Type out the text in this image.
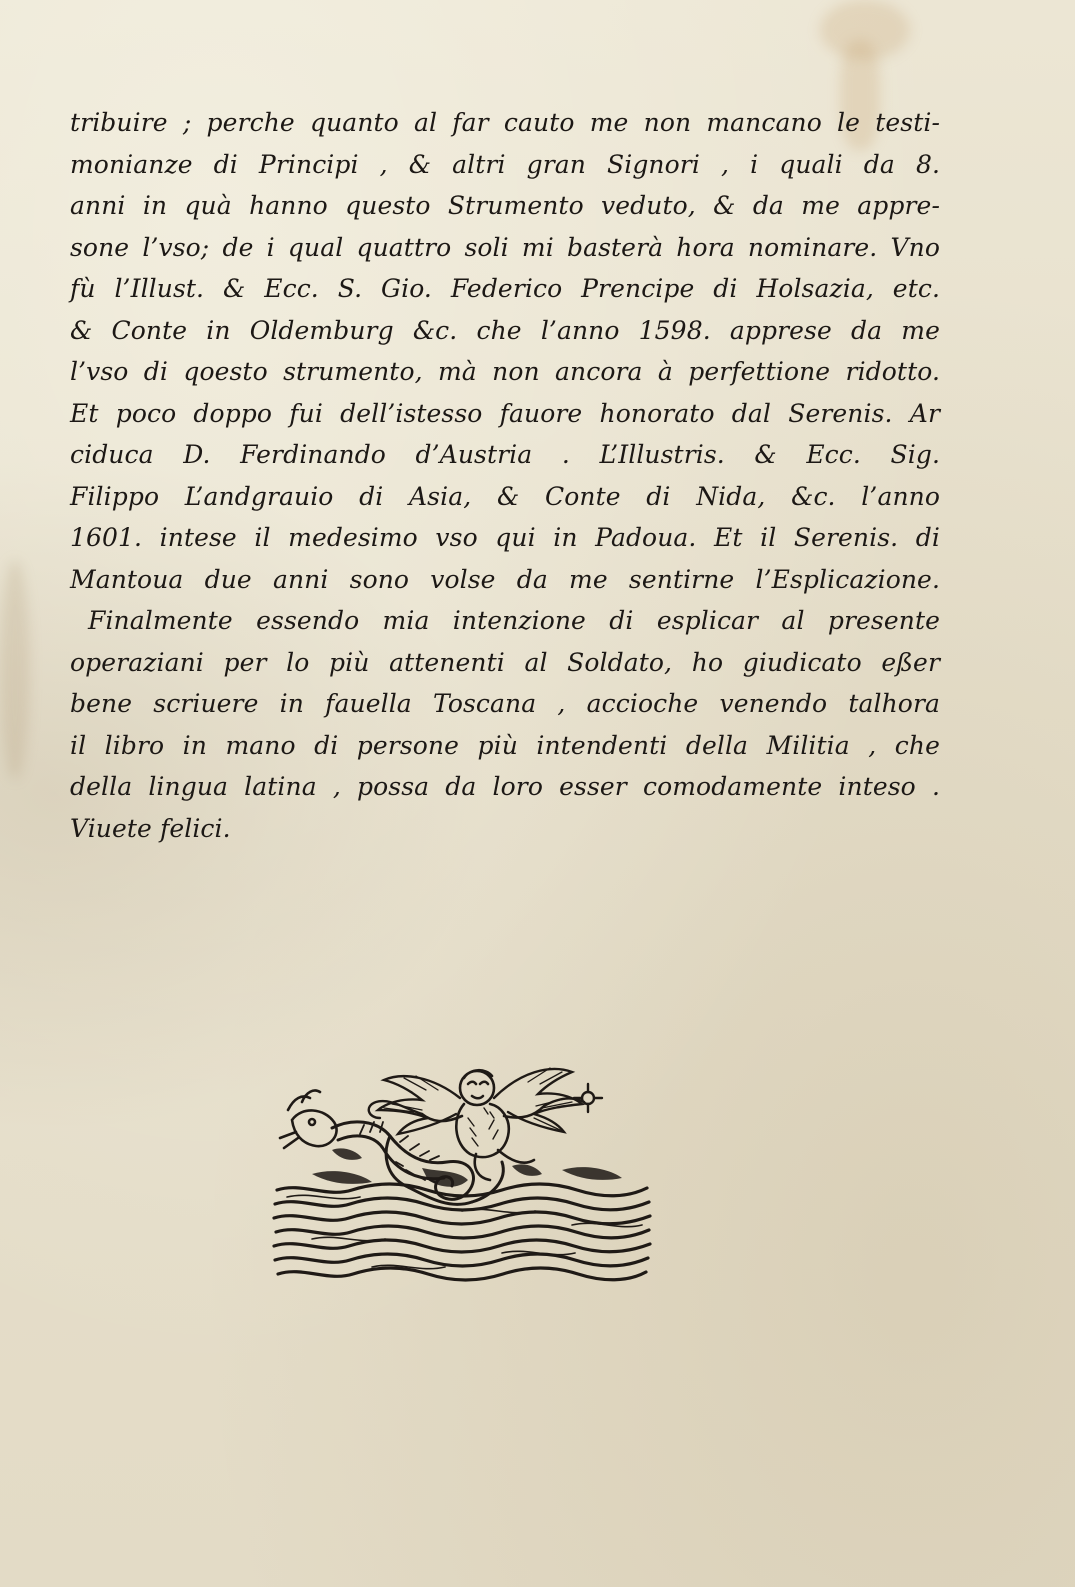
tribuire ; perche quanto al far cauto me non mancano le testi-
monianze di Principi , & altri gran Signori , i quali da 8.
anni in quà hanno questo Strumento veduto, & da me appre-
sone l’vso; de i qual quattro soli mi basterà hora nominare. Vno
fù l’Illust. & Ecc. S. Gio. Federico Prencipe di Holsazia, etc.
& Conte in Oldemburg &c. che l’anno 1598. apprese da me
l’vso di qoesto strumento, mà non ancora à perfettione ridotto.
Et poco doppo fui dell’istesso fauore honorato dal Serenis. Ar
ciduca D. Ferdinando d’Austria . L’Illustris. & Ecc. Sig.
Filippo L’andgrauio di Asia, & Conte di Nida, &c. l’anno
1601. intese il medesimo vso qui in Padoua. Et il Serenis. di
Mantoua due anni sono volse da me sentirne l’Esplicazione.
Finalmente essendo mia intenzione di esplicar al presente
operaziani per lo più attenenti al Soldato, ho giudicato eßer
bene scriuere in fauella Toscana , accioche venendo talhora
il libro in mano di persone più intendenti della Militia , che
della lingua latina , possa da loro esser comodamente inteso .
Viuete felici.
